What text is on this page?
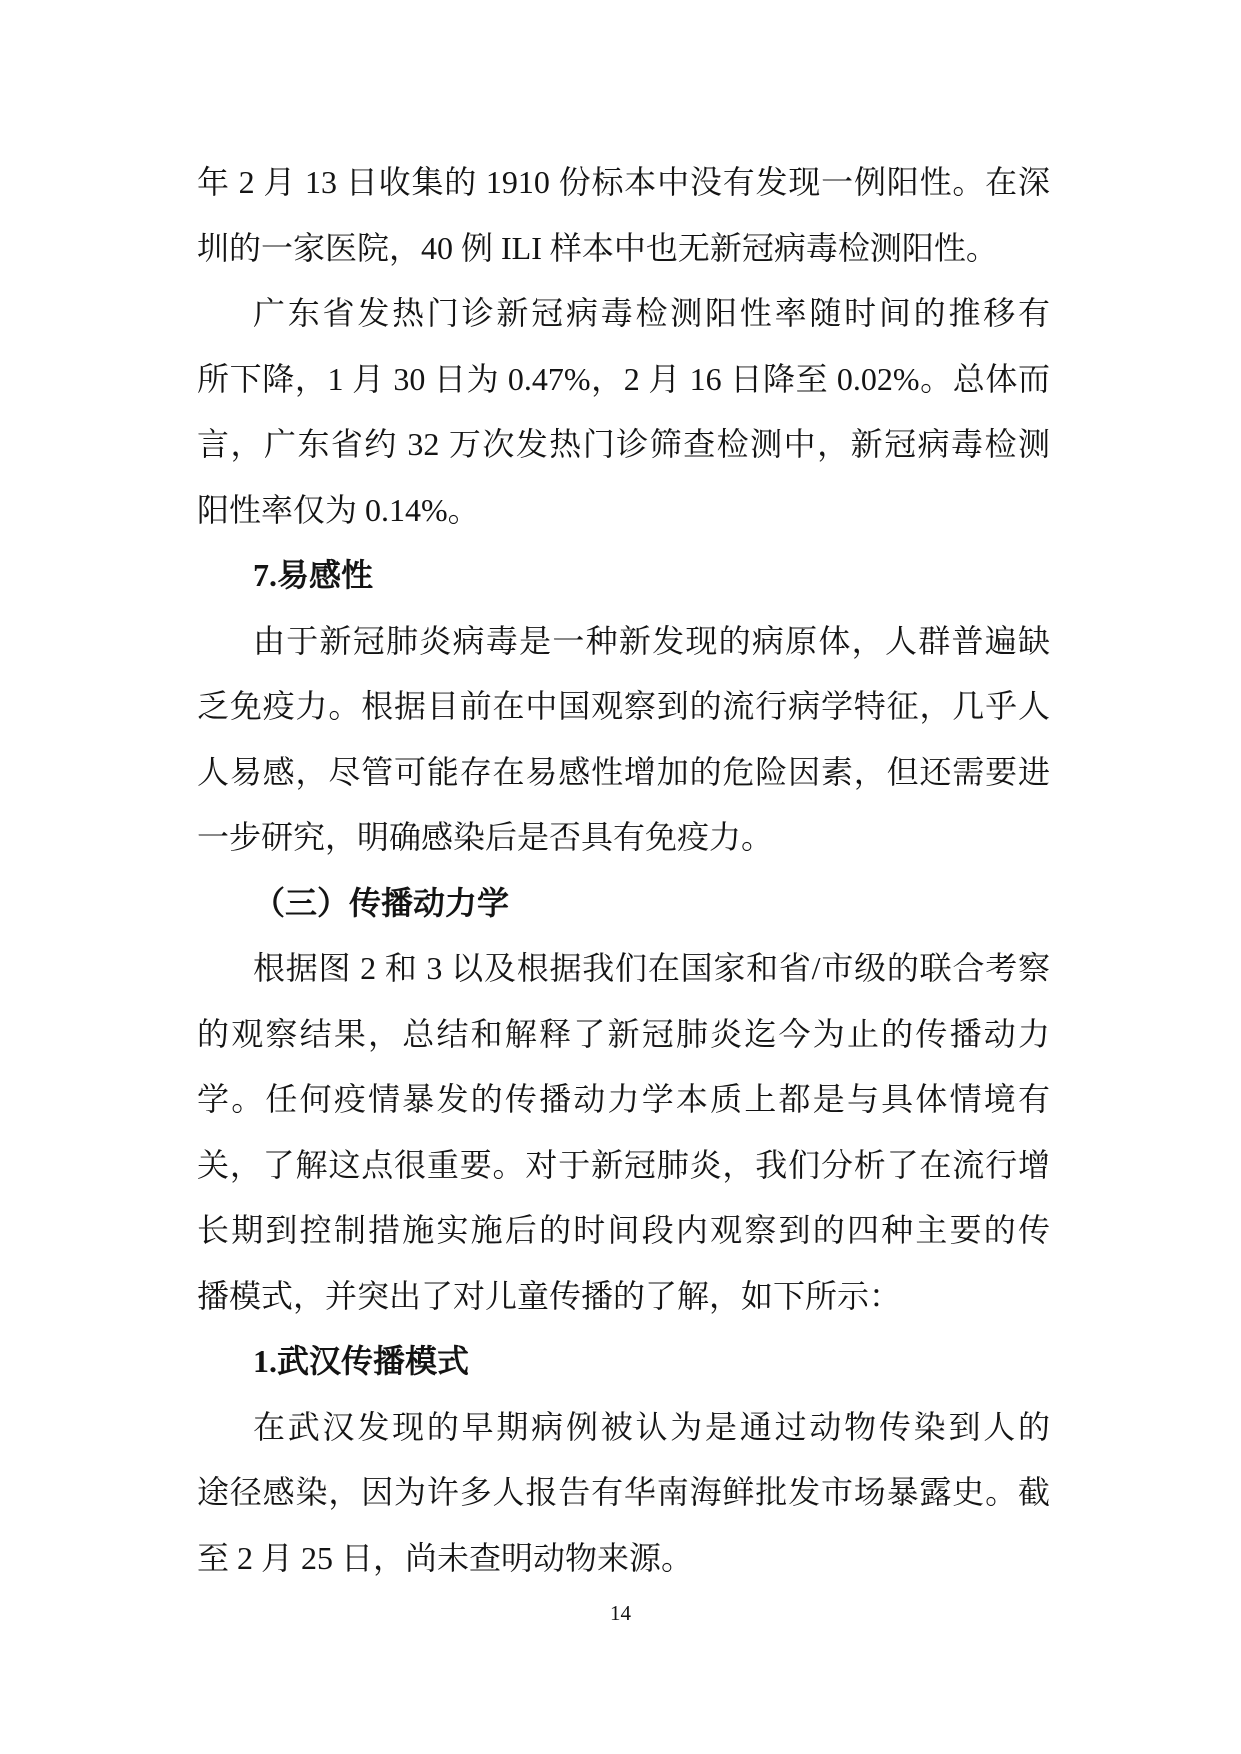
年 2 月 13 日收集的 1910 份标本中没有发现一例阳性。在深
圳的一家医院，40 例 ILI 样本中也无新冠病毒检测阳性。
广东省发热门诊新冠病毒检测阳性率随时间的推移有
所下降，1 月 30 日为 0.47%，2 月 16 日降至 0.02%。总体而
言，广东省约 32 万次发热门诊筛查检测中，新冠病毒检测
阳性率仅为 0.14%。
7.易感性
由于新冠肺炎病毒是一种新发现的病原体，人群普遍缺
乏免疫力。根据目前在中国观察到的流行病学特征，几乎人
人易感，尽管可能存在易感性增加的危险因素，但还需要进
一步研究，明确感染后是否具有免疫力。
（三）传播动力学
根据图 2 和 3 以及根据我们在国家和省/市级的联合考察
的观察结果，总结和解释了新冠肺炎迄今为止的传播动力
学。任何疫情暴发的传播动力学本质上都是与具体情境有
关，了解这点很重要。对于新冠肺炎，我们分析了在流行增
长期到控制措施实施后的时间段内观察到的四种主要的传
播模式，并突出了对儿童传播的了解，如下所示：
1.武汉传播模式
在武汉发现的早期病例被认为是通过动物传染到人的
途径感染，因为许多人报告有华南海鲜批发市场暴露史。截
至 2 月 25 日，尚未查明动物来源。
14
